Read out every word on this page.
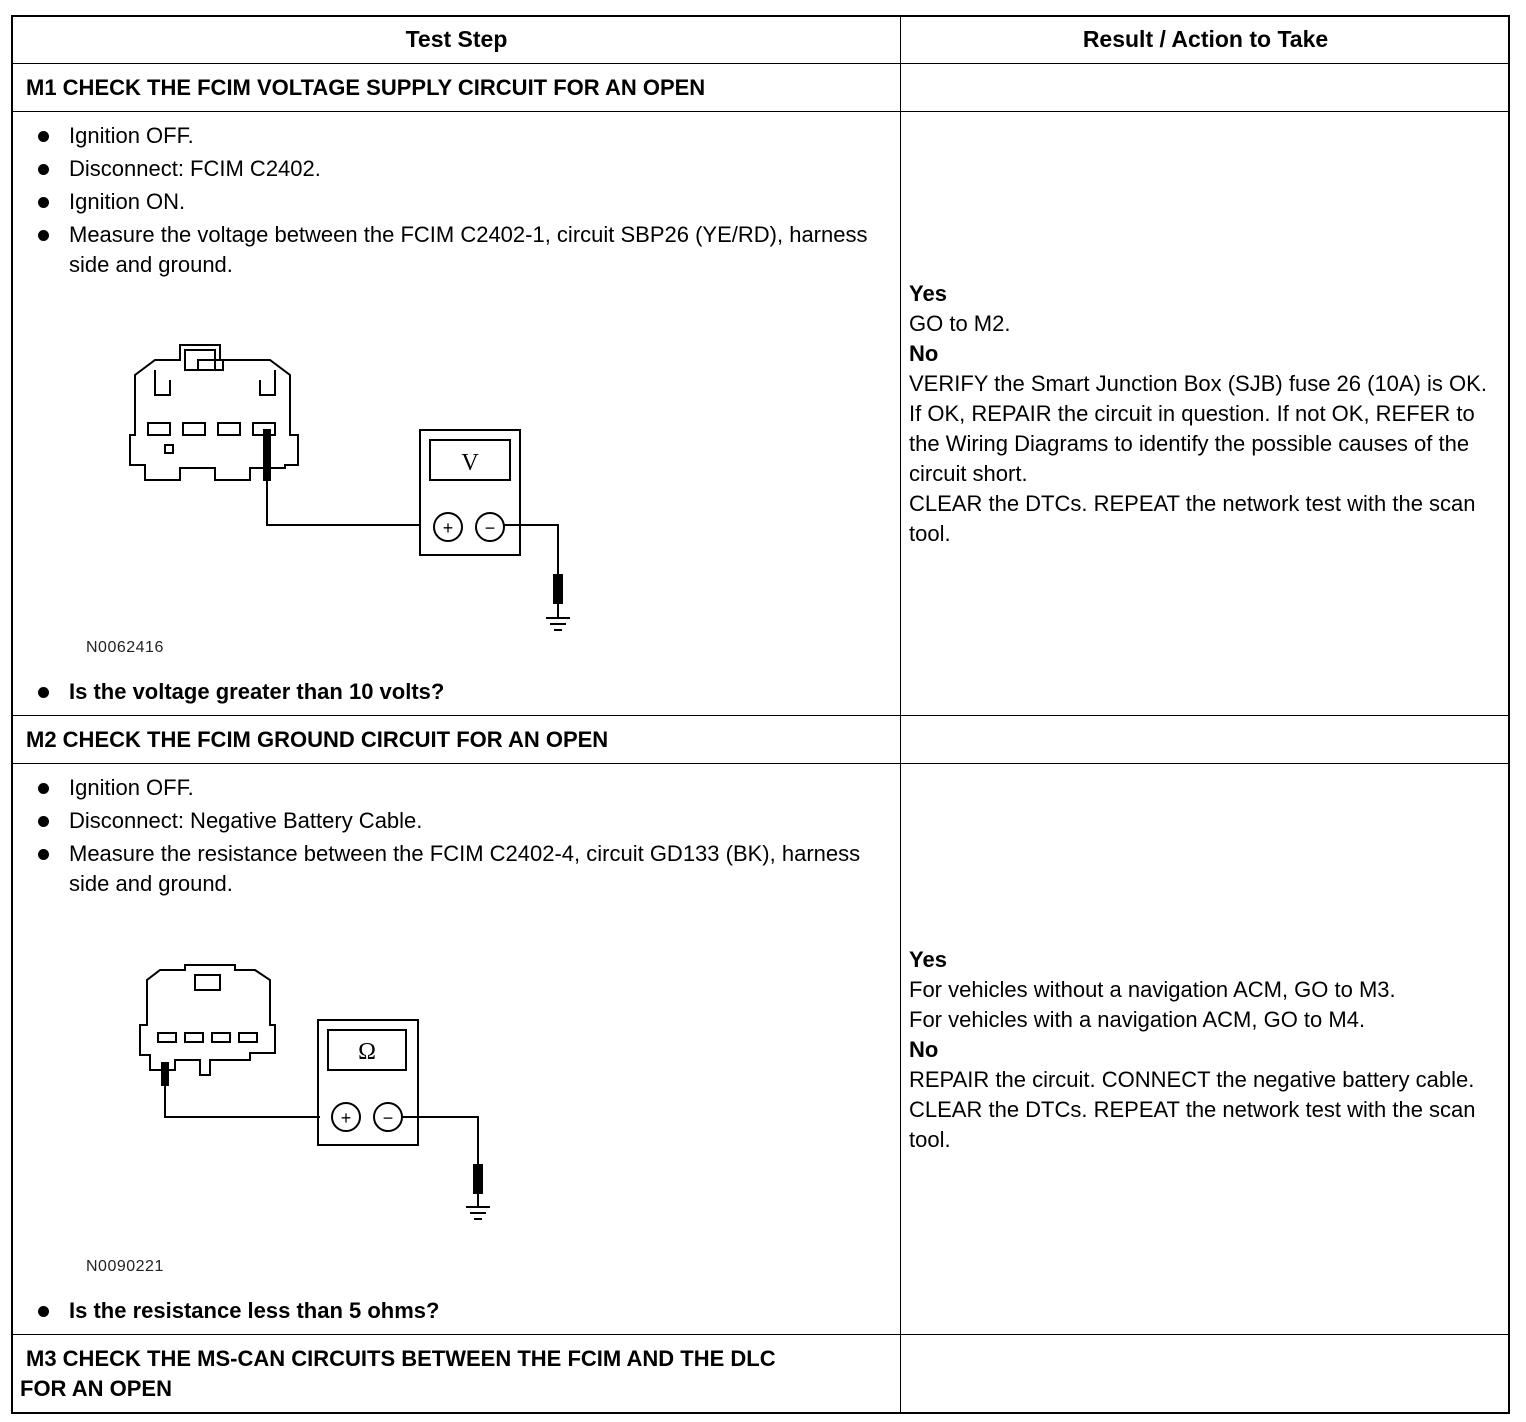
Test Step	Result / Action to Take
M1 CHECK THE FCIM VOLTAGE SUPPLY CIRCUIT FOR AN OPEN
Ignition OFF.
Disconnect: FCIM C2402.
Ignition ON.
Measure the voltage between the FCIM C2402-1, circuit SBP26 (YE/RD), harness side and ground.
V
+ −
N0062416
Is the voltage greater than 10 volts?
Yes
GO to M2.
No
VERIFY the Smart Junction Box (SJB) fuse 26 (10A) is OK. If OK, REPAIR the circuit in question. If not OK, REFER to the Wiring Diagrams to identify the possible causes of the circuit short.
CLEAR the DTCs. REPEAT the network test with the scan tool.
M2 CHECK THE FCIM GROUND CIRCUIT FOR AN OPEN
Ignition OFF.
Disconnect: Negative Battery Cable.
Measure the resistance between the FCIM C2402-4, circuit GD133 (BK), harness side and ground.
Ω
+ −
N0090221
Is the resistance less than 5 ohms?
Yes
For vehicles without a navigation ACM, GO to M3.
For vehicles with a navigation ACM, GO to M4.
No
REPAIR the circuit. CONNECT the negative battery cable. CLEAR the DTCs. REPEAT the network test with the scan tool.
M3 CHECK THE MS-CAN CIRCUITS BETWEEN THE FCIM AND THE DLC
FOR AN OPEN
